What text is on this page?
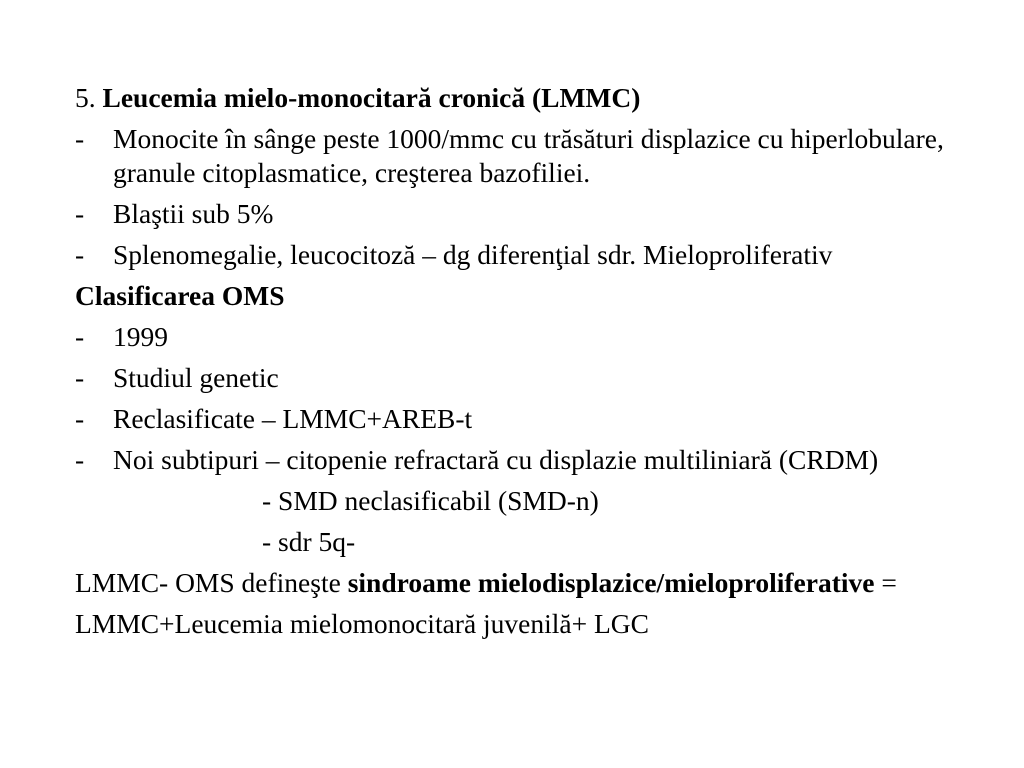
5. Leucemia mielo-monocitară cronică (LMMC)

- Monocite în sânge peste 1000/mmc cu trăsături displazice cu hiperlobulare, granule citoplasmatice, creşterea bazofiliei.

- Blaştii sub 5%

- Splenomegalie, leucocitoză – dg diferenţial sdr. Mieloproliferativ

Clasificarea OMS

- 1999

- Studiul genetic

- Reclasificate – LMMC+AREB-t

- Noi subtipuri – citopenie refractară cu displazie multiliniară (CRDM)

- SMD neclasificabil (SMD-n)

- sdr 5q-

LMMC- OMS defineşte sindroame mielodisplazice/mieloproliferative =

LMMC+Leucemia mielomonocitară juvenilă+ LGC
